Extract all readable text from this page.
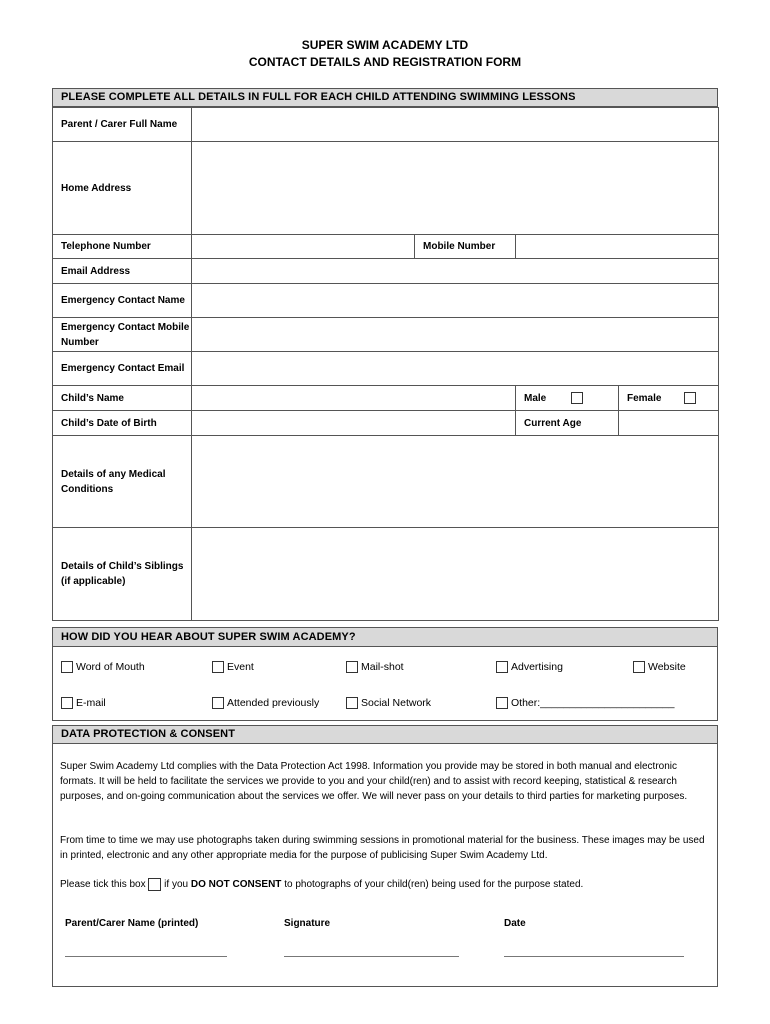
SUPER SWIM ACADEMY LTD
CONTACT DETAILS AND REGISTRATION FORM
PLEASE COMPLETE ALL DETAILS IN FULL FOR EACH CHILD ATTENDING SWIMMING LESSONS
Parent / Carer Full Name				
Home Address				
Telephone Number		Mobile Number		
Email Address				
Emergency Contact Name				
Emergency Contact Mobile Number				
Emergency Contact Email				
Child’s Name			Male	Female
Child’s Date of Birth			Current Age	
Details of any Medical Conditions				

Details of Child’s Siblings
(if applicable)				

HOW DID YOU HEAR ABOUT SUPER SWIM ACADEMY?
Word of Mouth	Event	Mail-shot	Advertising	Website
E-mail	Attended previously	Social Network	Other:_______________________
DATA PROTECTION & CONSENT
Super Swim Academy Ltd complies with the Data Protection Act 1998. Information you provide may be stored in both manual and electronic formats. It will be held to facilitate the services we provide to you and your child(ren) and to assist with record keeping, statistical & research purposes, and on-going communication about the services we offer. We will never pass on your details to third parties for marketing purposes.
From time to time we may use photographs taken during swimming sessions in promotional material for the business. These images may be used in printed, electronic and any other appropriate media for the purpose of publicising Super Swim Academy Ltd.
Please tick this box  if you DO NOT CONSENT to photographs of your child(ren) being used for the purpose stated.
Parent/Carer Name (printed)	Signature	Date
